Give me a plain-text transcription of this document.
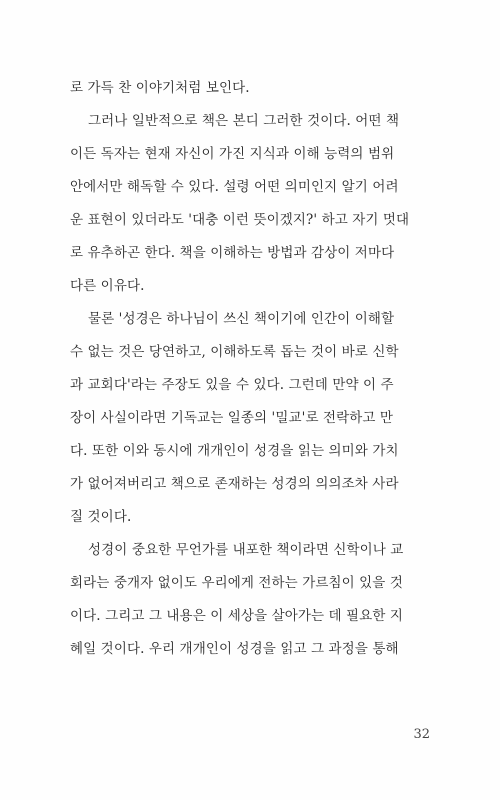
로 가득 찬 이야기처럼 보인다.
그러나 일반적으로 책은 본디 그러한 것이다. 어떤 책
이든 독자는 현재 자신이 가진 지식과 이해 능력의 범위
안에서만 해독할 수 있다. 설령 어떤 의미인지 알기 어려
운 표현이 있더라도 '대충 이런 뜻이겠지?' 하고 자기 멋대
로 유추하곤 한다. 책을 이해하는 방법과 감상이 저마다
다른 이유다.
물론 '성경은 하나님이 쓰신 책이기에 인간이 이해할
수 없는 것은 당연하고, 이해하도록 돕는 것이 바로 신학
과 교회다'라는 주장도 있을 수 있다. 그런데 만약 이 주
장이 사실이라면 기독교는 일종의 '밀교'로 전락하고 만
다. 또한 이와 동시에 개개인이 성경을 읽는 의미와 가치
가 없어져버리고 책으로 존재하는 성경의 의의조차 사라
질 것이다.
성경이 중요한 무언가를 내포한 책이라면 신학이나 교
회라는 중개자 없이도 우리에게 전하는 가르침이 있을 것
이다. 그리고 그 내용은 이 세상을 살아가는 데 필요한 지
혜일 것이다. 우리 개개인이 성경을 읽고 그 과정을 통해
32
